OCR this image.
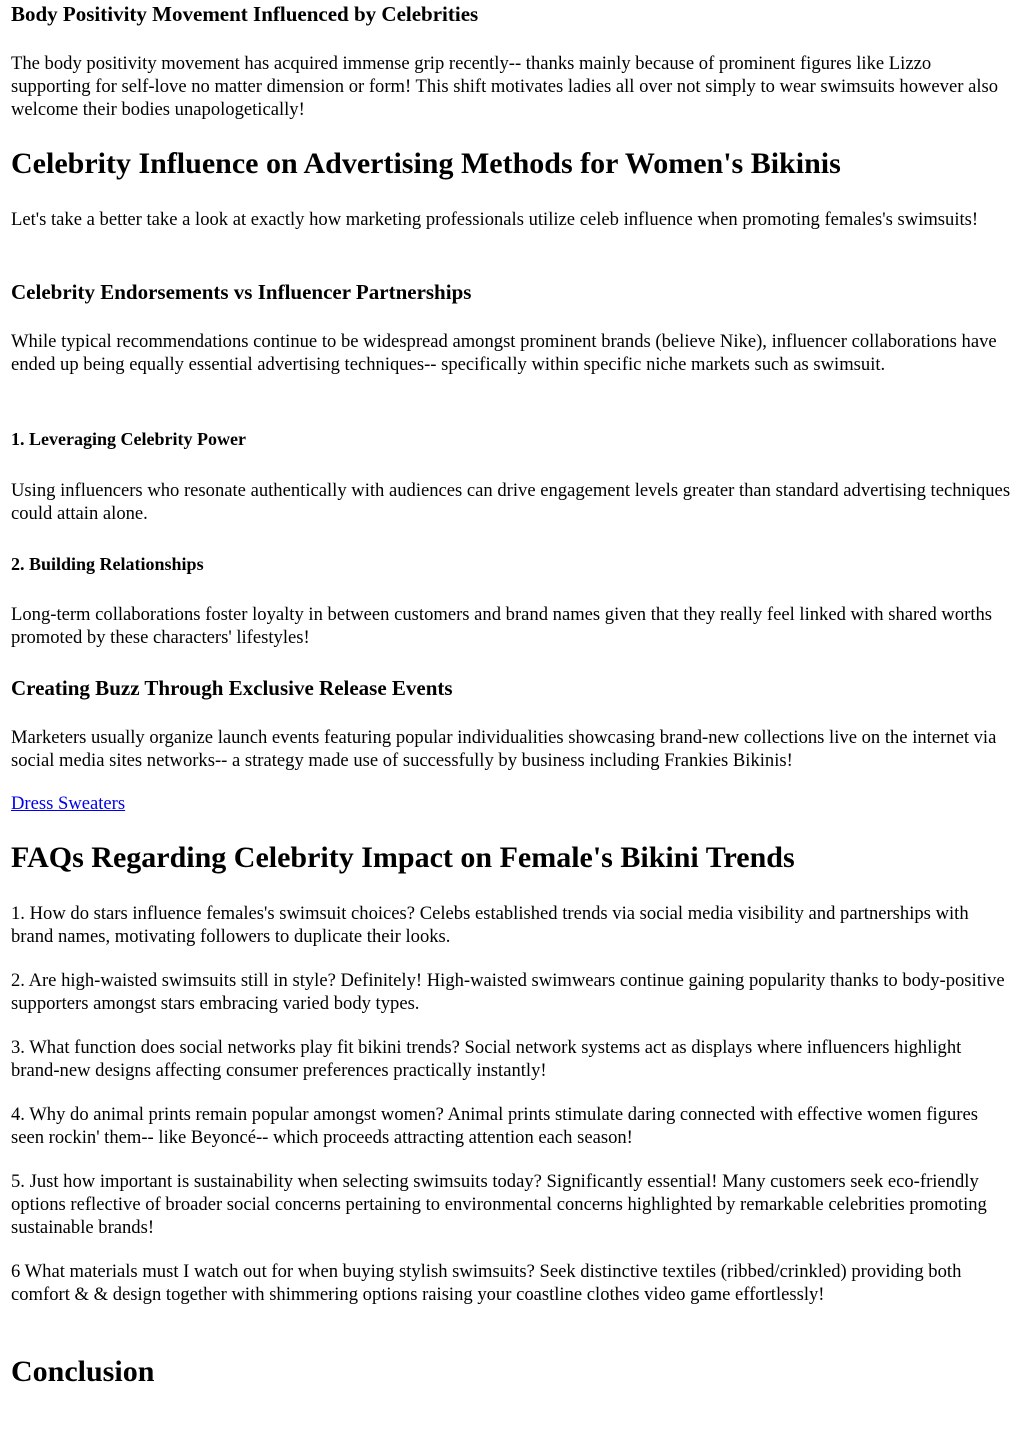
Body Positivity Movement Influenced by Celebrities

The body positivity movement has acquired immense grip recently-- thanks mainly because of prominent figures like Lizzo supporting for self-love no matter dimension or form! This shift motivates ladies all over not simply to wear swimsuits however also welcome their bodies unapologetically!

Celebrity Influence on Advertising Methods for Women's Bikinis

Let's take a better take a look at exactly how marketing professionals utilize celeb influence when promoting females's swimsuits!

Celebrity Endorsements vs Influencer Partnerships

While typical recommendations continue to be widespread amongst prominent brands (believe Nike), influencer collaborations have ended up being equally essential advertising techniques-- specifically within specific niche markets such as swimsuit.

1. Leveraging Celebrity Power

Using influencers who resonate authentically with audiences can drive engagement levels greater than standard advertising techniques could attain alone.

2. Building Relationships

Long-term collaborations foster loyalty in between customers and brand names given that they really feel linked with shared worths promoted by these characters' lifestyles!

Creating Buzz Through Exclusive Release Events

Marketers usually organize launch events featuring popular individualities showcasing brand-new collections live on the internet via social media sites networks-- a strategy made use of successfully by business including Frankies Bikinis!

Dress Sweaters
FAQs Regarding Celebrity Impact on Female's Bikini Trends

1. How do stars influence females's swimsuit choices? Celebs established trends via social media visibility and partnerships with brand names, motivating followers to duplicate their looks.

2. Are high-waisted swimsuits still in style? Definitely! High-waisted swimwears continue gaining popularity thanks to body-positive supporters amongst stars embracing varied body types.

3. What function does social networks play fit bikini trends? Social network systems act as displays where influencers highlight brand-new designs affecting consumer preferences practically instantly!

4. Why do animal prints remain popular amongst women? Animal prints stimulate daring connected with effective women figures seen rockin' them-- like Beyoncé-- which proceeds attracting attention each season!

5. Just how important is sustainability when selecting swimsuits today? Significantly essential! Many customers seek eco-friendly options reflective of broader social concerns pertaining to environmental concerns highlighted by remarkable celebrities promoting sustainable brands!

6 What materials must I watch out for when buying stylish swimsuits? Seek distinctive textiles (ribbed/crinkled) providing both comfort & & design together with shimmering options raising your coastline clothes video game effortlessly!

Conclusion
